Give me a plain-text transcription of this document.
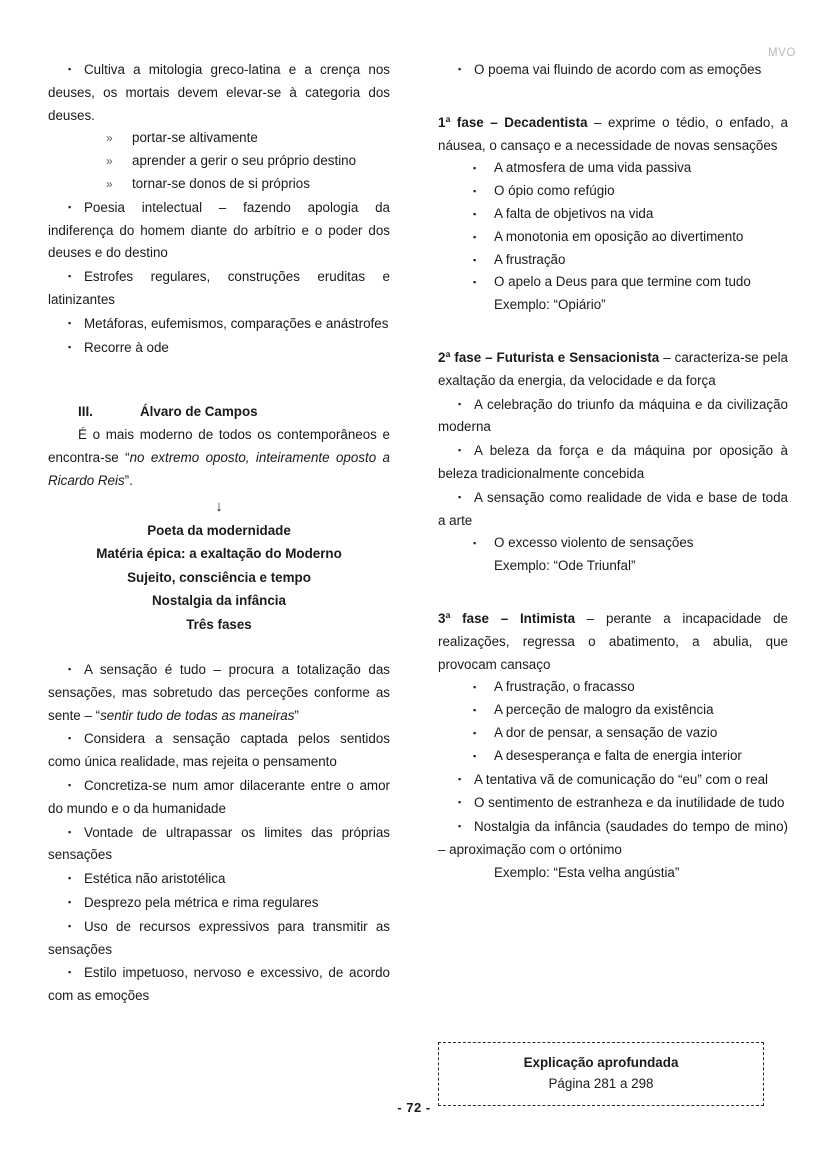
MVO
▪ Cultiva a mitologia greco-latina e a crença nos deuses, os mortais devem elevar-se à categoria dos deuses.
» portar-se altivamente
» aprender a gerir o seu próprio destino
» tornar-se donos de si próprios
▪ Poesia intelectual – fazendo apologia da indiferença do homem diante do arbítrio e o poder dos deuses e do destino
▪ Estrofes regulares, construções eruditas e latinizantes
▪ Metáforas, eufemismos, comparações e anástrofes
▪ Recorre à ode
III.	Álvaro de Campos
É o mais moderno de todos os contemporâneos e encontra-se “no extremo oposto, inteiramente oposto a Ricardo Reis”.
↓
Poeta da modernidade
Matéria épica: a exaltação do Moderno
Sujeito, consciência e tempo
Nostalgia da infância
Três fases
▪ A sensação é tudo – procura a totalização das sensações, mas sobretudo das perceções conforme as sente – “sentir tudo de todas as maneiras”
▪ Considera a sensação captada pelos sentidos como única realidade, mas rejeita o pensamento
▪ Concretiza-se num amor dilacerante entre o amor do mundo e o da humanidade
▪ Vontade de ultrapassar os limites das próprias sensações
▪ Estética não aristotélica
▪ Desprezo pela métrica e rima regulares
▪ Uso de recursos expressivos para transmitir as sensações
▪ Estilo impetuoso, nervoso e excessivo, de acordo com as emoções
▪ O poema vai fluindo de acordo com as emoções
1ª fase – Decadentista – exprime o tédio, o enfado, a náusea, o cansaço e a necessidade de novas sensações
▪ A atmosfera de uma vida passiva
▪ O ópio como refúgio
▪ A falta de objetivos na vida
▪ A monotonia em oposição ao divertimento
▪ A frustração
▪ O apelo a Deus para que termine com tudo
Exemplo: “Opiário”
2ª fase – Futurista e Sensacionista – caracteriza-se pela exaltação da energia, da velocidade e da força
▪ A celebração do triunfo da máquina e da civilização moderna
▪ A beleza da força e da máquina por oposição à beleza tradicionalmente concebida
▪ A sensação como realidade de vida e base de toda a arte
▪ O excesso violento de sensações
Exemplo: “Ode Triunfal”
3ª fase – Intimista – perante a incapacidade de realizações, regressa o abatimento, a abulia, que provocam cansaço
▪ A frustração, o fracasso
▪ A perceção de malogro da existência
▪ A dor de pensar, a sensação de vazio
▪ A desesperança e falta de energia interior
▪ A tentativa vã de comunicação do “eu” com o real
▪ O sentimento de estranheza e da inutilidade de tudo
▪ Nostalgia da infância (saudades do tempo de mino) – aproximação com o ortónimo
Exemplo: “Esta velha angústia”
Explicação aprofundada
Página 281 a 298
- 72 -
